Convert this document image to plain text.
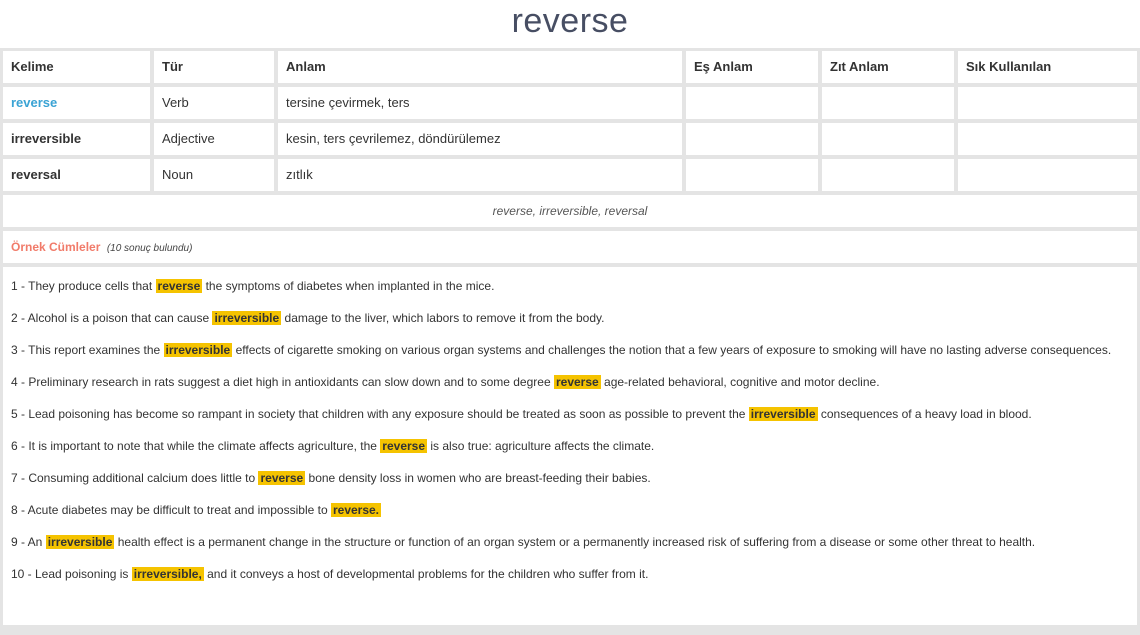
reverse
Kelime	Tür	Anlam	Eş Anlam	Zıt Anlam	Sık Kullanılan
reverse	Verb	tersine çevirmek, ters
irreversible	Adjective	kesin, ters çevrilemez, döndürülemez
reversal	Noun	zıtlık
reverse, irreversible, reversal
Örnek Cümleler (10 sonuç bulundu)
1 - They produce cells that reverse the symptoms of diabetes when implanted in the mice.
2 - Alcohol is a poison that can cause irreversible damage to the liver, which labors to remove it from the body.
3 - This report examines the irreversible effects of cigarette smoking on various organ systems and challenges the notion that a few years of exposure to smoking will have no lasting adverse consequences.
4 - Preliminary research in rats suggest a diet high in antioxidants can slow down and to some degree reverse age-related behavioral, cognitive and motor decline.
5 - Lead poisoning has become so rampant in society that children with any exposure should be treated as soon as possible to prevent the irreversible consequences of a heavy load in blood.
6 - It is important to note that while the climate affects agriculture, the reverse is also true: agriculture affects the climate.
7 - Consuming additional calcium does little to reverse bone density loss in women who are breast-feeding their babies.
8 - Acute diabetes may be difficult to treat and impossible to reverse.
9 - An irreversible health effect is a permanent change in the structure or function of an organ system or a permanently increased risk of suffering from a disease or some other threat to health.
10 - Lead poisoning is irreversible, and it conveys a host of developmental problems for the children who suffer from it.
